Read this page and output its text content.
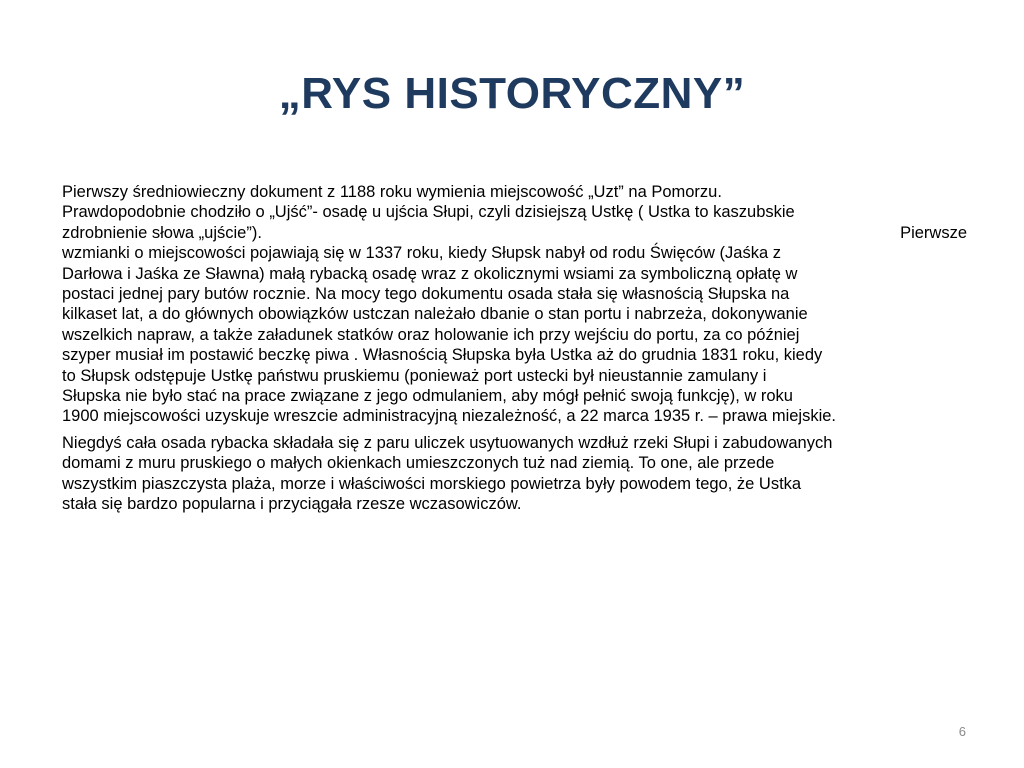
„RYS HISTORYCZNY”

Pierwszy średniowieczny dokument z 1188 roku wymienia miejscowość „Uzt” na Pomorzu.
Prawdopodobnie chodziło o „Ujść”- osadę u ujścia Słupi, czyli dzisiejszą Ustkę ( Ustka to kaszubskie

zdrobnienie słowa „ujście”).	Pierwsze

wzmianki o miejscowości pojawiają się w 1337 roku, kiedy Słupsk nabył od rodu Święców (Jaśka z
Darłowa i Jaśka ze Sławna) małą rybacką osadę wraz z okolicznymi wsiami za symboliczną opłatę w
postaci jednej pary butów rocznie. Na mocy tego dokumentu osada stała się własnością Słupska na
kilkaset lat, a do głównych obowiązków ustczan należało dbanie o stan portu i nabrzeża, dokonywanie
wszelkich napraw, a także załadunek statków oraz holowanie ich przy wejściu do portu, za co później
szyper musiał im postawić beczkę piwa . Własnością Słupska była Ustka aż do grudnia 1831 roku, kiedy
to Słupsk odstępuje Ustkę państwu pruskiemu (ponieważ port ustecki był nieustannie zamulany i
Słupska nie było stać na prace związane z jego odmulaniem, aby mógł pełnić swoją funkcję), w roku
1900 miejscowości uzyskuje wreszcie administracyjną niezależność, a 22 marca 1935 r. – prawa miejskie.

Niegdyś cała osada rybacka składała się z paru uliczek usytuowanych wzdłuż rzeki Słupi i zabudowanych
domami z muru pruskiego o małych okienkach umieszczonych tuż nad ziemią. To one, ale przede
wszystkim piaszczysta plaża, morze i właściwości morskiego powietrza były powodem tego, że Ustka
stała się bardzo popularna i przyciągała rzesze wczasowiczów.

6
